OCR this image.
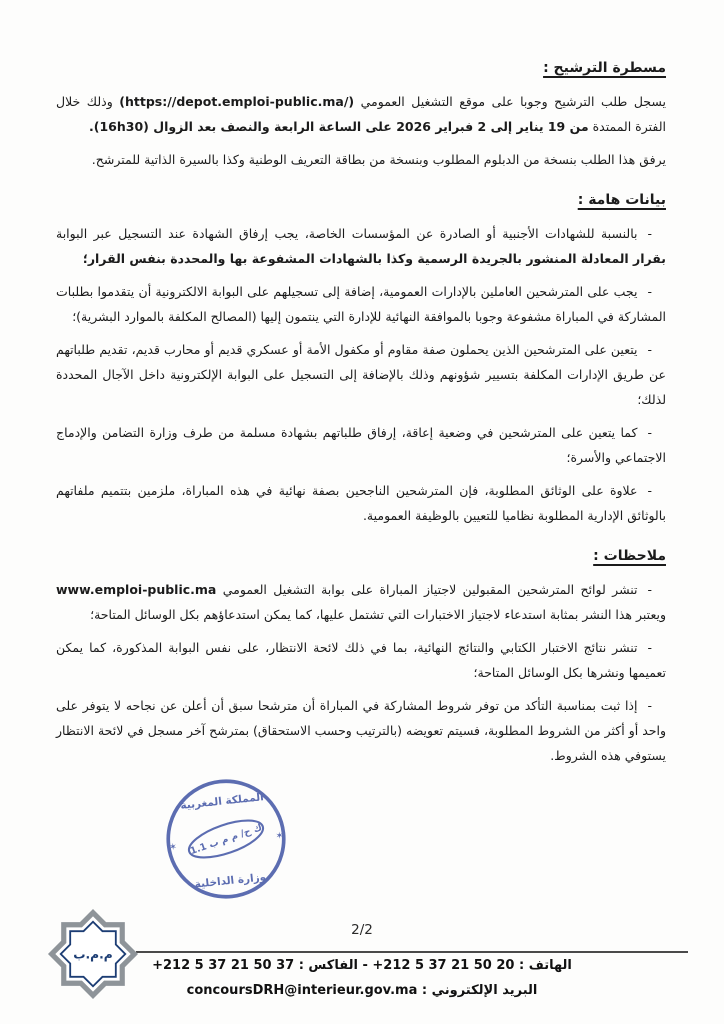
مسطرة الترشيح :

يسجل طلب الترشيح وجوبا على موقع التشغيل العمومي (https://depot.emploi-public.ma/) وذلك خلال الفترة الممتدة من 19 يناير إلى 2 فبراير 2026 على الساعة الرابعة والنصف بعد الزوال (16h30).

يرفق هذا الطلب بنسخة من الدبلوم المطلوب وبنسخة من بطاقة التعريف الوطنية وكذا بالسيرة الذاتية للمترشح.

بيانات هامة :
- بالنسبة للشهادات الأجنبية أو الصادرة عن المؤسسات الخاصة، يجب إرفاق الشهادة عند التسجيل عبر البوابة بقرار المعادلة المنشور بالجريدة الرسمية وكذا بالشهادات المشفوعة بها والمحددة بنفس القرار؛
- يجب على المترشحين العاملين بالإدارات العمومية، إضافة إلى تسجيلهم على البوابة الالكترونية أن يتقدموا بطلبات المشاركة في المباراة مشفوعة وجوبا بالموافقة النهائية للإدارة التي ينتمون إليها (المصالح المكلفة بالموارد البشرية)؛
- يتعين على المترشحين الذين يحملون صفة مقاوم أو مكفول الأمة أو عسكري قديم أو محارب قديم، تقديم طلباتهم عن طريق الإدارات المكلفة بتسيير شؤونهم وذلك بالإضافة إلى التسجيل على البوابة الإلكترونية داخل الآجال المحددة لذلك؛
- كما يتعين على المترشحين في وضعية إعاقة، إرفاق طلباتهم بشهادة مسلمة من طرف وزارة التضامن والإدماج الاجتماعي والأسرة؛
- علاوة على الوثائق المطلوبة، فإن المترشحين الناجحين بصفة نهائية في هذه المباراة، ملزمين بتتميم ملفاتهم بالوثائق الإدارية المطلوبة نظاميا للتعيين بالوظيفة العمومية.
ملاحظات :
- تنشر لوائح المترشحين المقبولين لاجتياز المباراة على بوابة التشغيل العمومي www.emploi-public.ma ويعتبر هذا النشر بمثابة استدعاء لاجتياز الاختبارات التي تشتمل عليها، كما يمكن استدعاؤهم بكل الوسائل المتاحة؛
- تنشر نتائج الاختبار الكتابي والنتائج النهائية، بما في ذلك لائحة الانتظار، على نفس البوابة المذكورة، كما يمكن تعميمها ونشرها بكل الوسائل المتاحة؛
- إذا ثبت بمناسبة التأكد من توفر شروط المشاركة في المباراة أن مترشحا سبق أن أعلن عن نجاحه لا يتوفر على واحد أو أكثر من الشروط المطلوبة، فسيتم تعويضه (بالترتيب وحسب الاستحقاق) بمترشح آخر مسجل في لائحة الانتظار يستوفي هذه الشروط.
المملكة المغربية
ك ح/ م م ب 1.1
وزارة الداخلية
✶
✶
2/2
م.م.ب
الهاتف : +212 5 37 21 50 20 - الفاكس : +212 5 37 21 50 37
البريد الإلكتروني : concoursDRH@interieur.gov.ma
